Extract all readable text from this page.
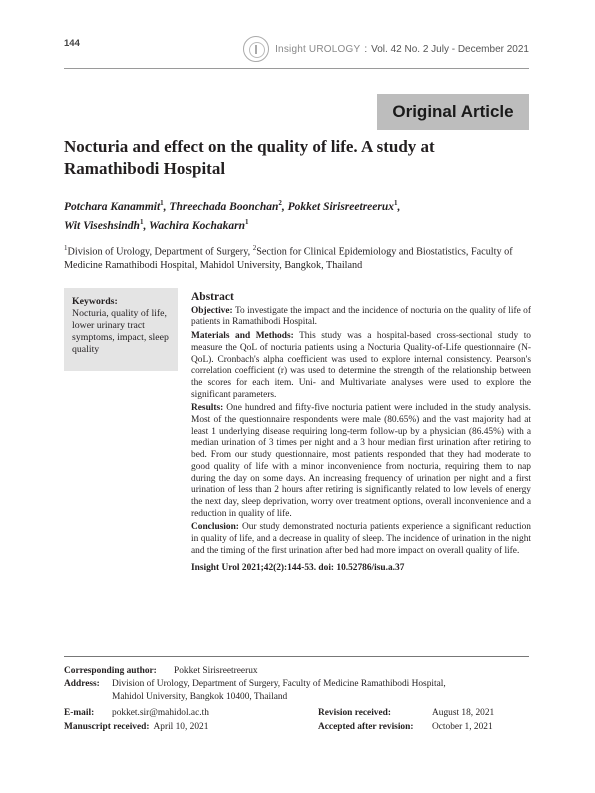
144	Insight UROLOGY : Vol. 42 No. 2 July - December 2021
Original Article
Nocturia and effect on the quality of life. A study at Ramathibodi Hospital
Potchara Kanammit$^1$, Threechada Boonchan$^2$, Pokket Sirisreetreerux$^1$,
Wit Viseshsindh$^1$, Wachira Kochakarn$^1$
$^1$Division of Urology, Department of Surgery, $^2$Section for Clinical Epidemiology and Biostatistics, Faculty of Medicine Ramathibodi Hospital, Mahidol University, Bangkok, Thailand
Keywords:
Nocturia, quality of life, lower urinary tract symptoms, impact, sleep quality
Abstract

Objective: To investigate the impact and the incidence of nocturia on the quality of life of patients in Ramathibodi Hospital.

Materials and Methods: This study was a hospital-based cross-sectional study to measure the QoL of nocturia patients using a Nocturia Quality-of-Life questionnaire (N-QoL). Cronbach's alpha coefficient was used to explore internal consistency. Pearson's correlation coefficient (r) was used to determine the strength of the relationship between the scores for each item. Uni- and Multivariate analyses were used to explore the significant parameters.

Results: One hundred and fifty-five nocturia patient were included in the study analysis. Most of the questionnaire respondents were male (80.65%) and the vast majority had at least 1 underlying disease requiring long-term follow-up by a physician (86.45%) with a median urination of 3 times per night and a 3 hour median first urination after retiring to bed. From our study questionnaire, most patients responded that they had moderate to good quality of life with a minor inconvenience from nocturia, requiring them to nap during the day on some days. An increasing frequency of urination per night and a first urination of less than 2 hours after retiring is significantly related to low levels of energy the next day, sleep deprivation, worry over treatment options, overall inconvenience and a reduction in quality of life.

Conclusion: Our study demonstrated nocturia patients experience a significant reduction in quality of life, and a decrease in quality of sleep. The incidence of urination in the night and the timing of the first urination after bed had more impact on overall quality of life.

Insight Urol 2021;42(2):144-53. doi: 10.52786/isu.a.37

Corresponding author:	Pokket Sirisreetreerux
Address:	Division of Urology, Department of Surgery, Faculty of Medicine Ramathibodi Hospital,
Mahidol University, Bangkok 10400, Thailand
E-mail:	pokket.sir@mahidol.ac.th	Revision received:	August 18, 2021
Manuscript received: April 10, 2021	Accepted after revision: October 1, 2021
